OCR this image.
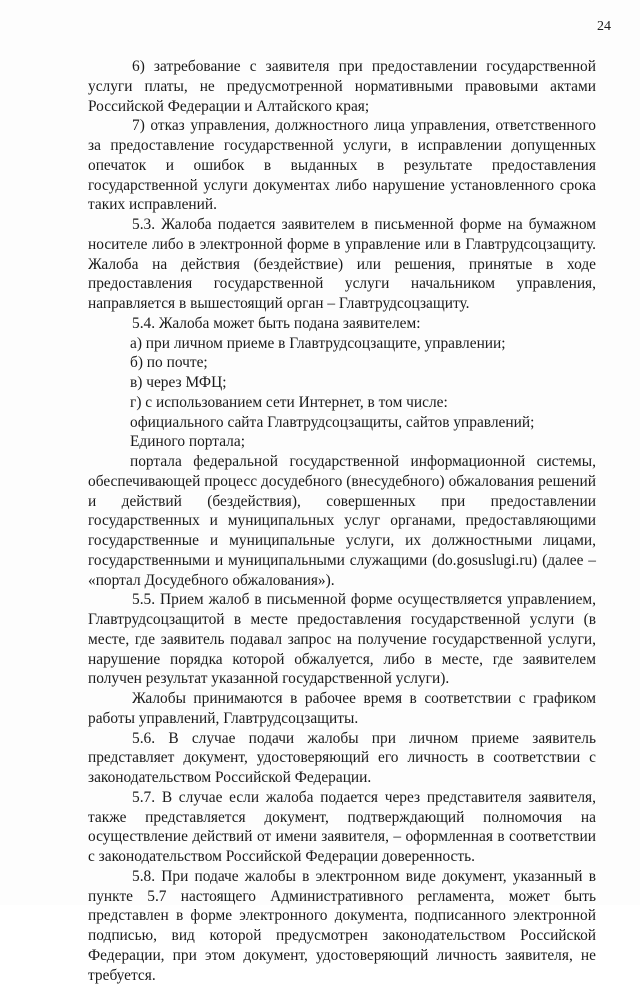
24

6) затребование с заявителя при предоставлении государственной услуги платы, не предусмотренной нормативными правовыми актами Российской Федерации и Алтайского края;

7) отказ управления, должностного лица управления, ответственного за предоставление государственной услуги, в исправлении допущенных опечаток и ошибок в выданных в результате предоставления государственной услуги документах либо нарушение установленного срока таких исправлений.

5.3. Жалоба подается заявителем в письменной форме на бумажном носителе либо в электронной форме в управление или в Главтрудсоцзащиту. Жалоба на действия (бездействие) или решения, принятые в ходе предоставления государственной услуги начальником управления, направляется в вышестоящий орган – Главтрудсоцзащиту.

5.4. Жалоба может быть подана заявителем:

а) при личном приеме в Главтрудсоцзащите, управлении;

б) по почте;

в) через МФЦ;

г) с использованием сети Интернет, в том числе:

официального сайта Главтрудсоцзащиты, сайтов управлений;

Единого портала;

портала федеральной государственной информационной системы, обеспечивающей процесс досудебного (внесудебного) обжалования решений и действий (бездействия), совершенных при предоставлении государственных и муниципальных услуг органами, предоставляющими государственные и муниципальные услуги, их должностными лицами, государственными и муниципальными служащими (do.gosuslugi.ru) (далее – «портал Досудебного обжалования»).

5.5. Прием жалоб в письменной форме осуществляется управлением, Главтрудсоцзащитой в месте предоставления государственной услуги (в месте, где заявитель подавал запрос на получение государственной услуги, нарушение порядка которой обжалуется, либо в месте, где заявителем получен результат указанной государственной услуги).

Жалобы принимаются в рабочее время в соответствии с графиком работы управлений, Главтрудсоцзащиты.

5.6. В случае подачи жалобы при личном приеме заявитель представляет документ, удостоверяющий его личность в соответствии с законодательством Российской Федерации.

5.7. В случае если жалоба подается через представителя заявителя, также представляется документ, подтверждающий полномочия на осуществление действий от имени заявителя, – оформленная в соответствии с законодательством Российской Федерации доверенность.

5.8. При подаче жалобы в электронном виде документ, указанный в пункте 5.7 настоящего Административного регламента, может быть представлен в форме электронного документа, подписанного электронной подписью, вид которой предусмотрен законодательством Российской Федерации, при этом документ, удостоверяющий личность заявителя, не требуется.
